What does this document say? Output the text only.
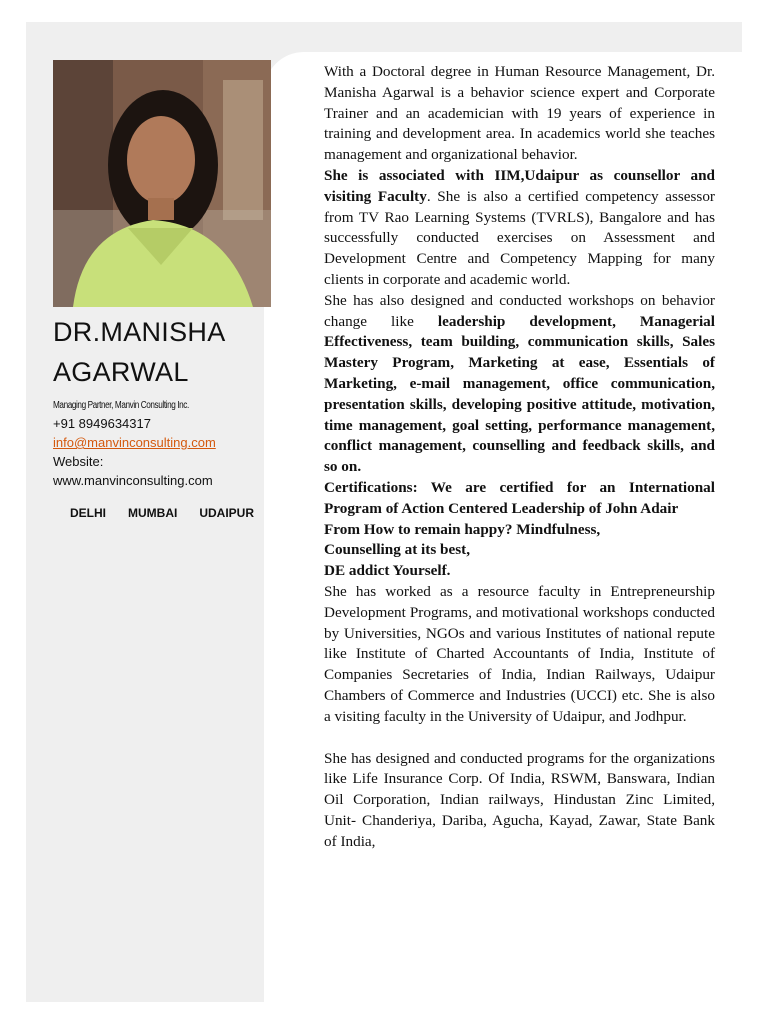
DR.MANISHA
AGARWAL
Managing Partner, Manvin Consulting Inc.
+91 8949634317
info@manvinconsulting.com
Website:
www.manvinconsulting.com
DELHI MUMBAI UDAIPUR

With a Doctoral degree in Human Resource Management, Dr. Manisha Agarwal is a behavior science expert and Corporate Trainer and an academician with 19 years of experience in training and development area. In academics world she teaches management and organizational behavior.

She is associated with IIM,Udaipur as counsellor and visiting Faculty. She is also a certified competency assessor from TV Rao Learning Systems (TVRLS), Bangalore and has successfully conducted exercises on Assessment and Development Centre and Competency Mapping for many clients in corporate and academic world.

She has also designed and conducted workshops on behavior change like leadership development, Managerial Effectiveness, team building, communication skills, Sales Mastery Program, Marketing at ease, Essentials of Marketing, e-mail management, office communication, presentation skills, developing positive attitude, motivation, time management, goal setting, performance management, conflict management, counselling and feedback skills, and so on.

Certifications: We are certified for an International Program of Action Centered Leadership of John Adair

From How to remain happy? Mindfulness,

Counselling at its best,

DE addict Yourself.

She has worked as a resource faculty in Entrepreneurship Development Programs, and motivational workshops conducted by Universities, NGOs and various Institutes of national repute like Institute of Charted Accountants of India, Institute of Companies Secretaries of India, Indian Railways, Udaipur Chambers of Commerce and Industries (UCCI) etc. She is also a visiting faculty in the University of Udaipur, and Jodhpur.

She has designed and conducted programs for the organizations like Life Insurance Corp. Of India, RSWM, Banswara, Indian Oil Corporation, Indian railways, Hindustan Zinc Limited, Unit- Chanderiya, Dariba, Agucha, Kayad, Zawar, State Bank of India,
